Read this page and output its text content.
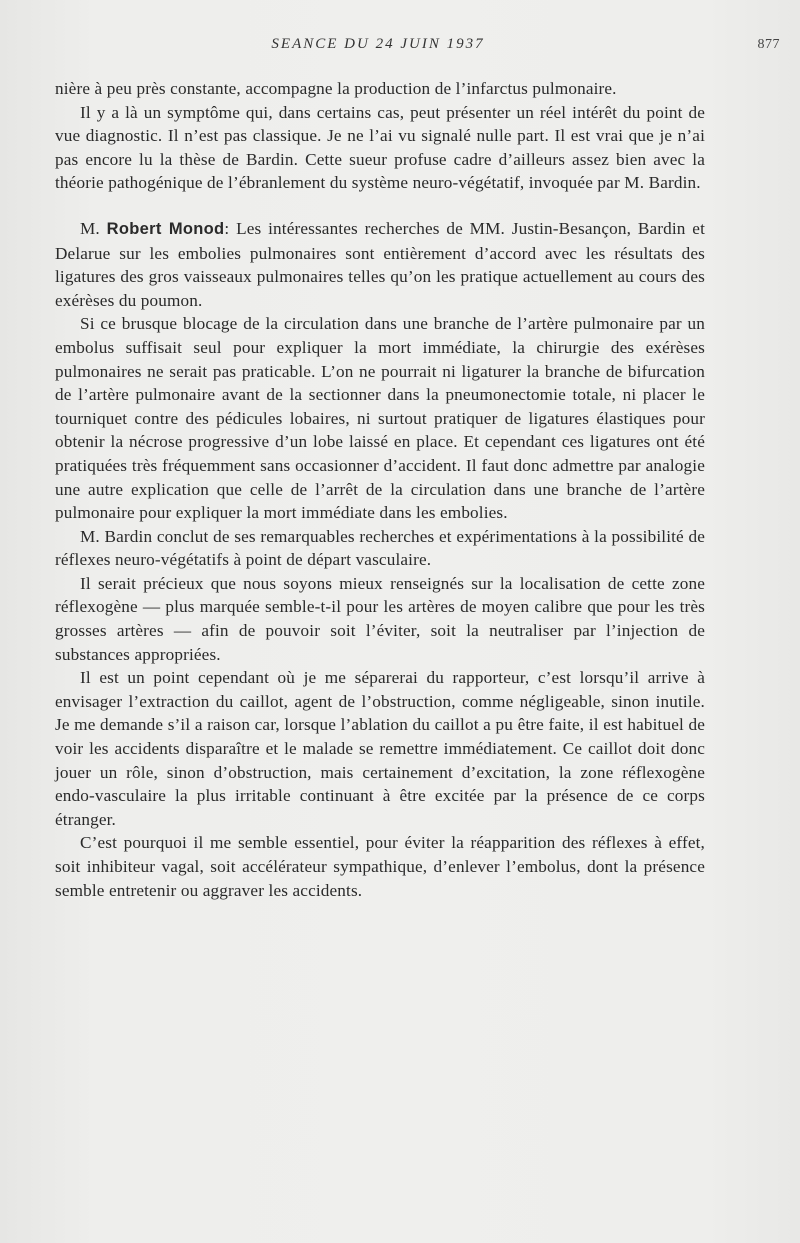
SEANCE DU 24 JUIN 1937	877

nière à peu près constante, accompagne la production de l’infarctus pulmonaire.

Il y a là un symptôme qui, dans certains cas, peut présenter un réel intérêt du point de vue diagnostic. Il n’est pas classique. Je ne l’ai vu signalé nulle part. Il est vrai que je n’ai pas encore lu la thèse de Bardin. Cette sueur profuse cadre d’ailleurs assez bien avec la théorie pathogénique de l’ébranlement du système neuro-végétatif, invoquée par M. Bardin.

M. Robert Monod: Les intéressantes recherches de MM. Justin-Besançon, Bardin et Delarue sur les embolies pulmonaires sont entièrement d’accord avec les résultats des ligatures des gros vaisseaux pulmonaires telles qu’on les pratique actuellement au cours des exérèses du poumon.

Si ce brusque blocage de la circulation dans une branche de l’artère pulmonaire par un embolus suffisait seul pour expliquer la mort immédiate, la chirurgie des exérèses pulmonaires ne serait pas praticable. L’on ne pourrait ni ligaturer la branche de bifurcation de l’artère pulmonaire avant de la sectionner dans la pneumonectomie totale, ni placer le tourniquet contre des pédicules lobaires, ni surtout pratiquer de ligatures élastiques pour obtenir la nécrose progressive d’un lobe laissé en place. Et cependant ces ligatures ont été pratiquées très fréquemment sans occasionner d’accident. Il faut donc admettre par analogie une autre explication que celle de l’arrêt de la circulation dans une branche de l’artère pulmonaire pour expliquer la mort immédiate dans les embolies.

M. Bardin conclut de ses remarquables recherches et expérimentations à la possibilité de réflexes neuro-végétatifs à point de départ vasculaire.

Il serait précieux que nous soyons mieux renseignés sur la localisation de cette zone réflexogène — plus marquée semble-t-il pour les artères de moyen calibre que pour les très grosses artères — afin de pouvoir soit l’éviter, soit la neutraliser par l’injection de substances appropriées.

Il est un point cependant où je me séparerai du rapporteur, c’est lorsqu’il arrive à envisager l’extraction du caillot, agent de l’obstruction, comme négligeable, sinon inutile. Je me demande s’il a raison car, lorsque l’ablation du caillot a pu être faite, il est habituel de voir les accidents disparaître et le malade se remettre immédiatement. Ce caillot doit donc jouer un rôle, sinon d’obstruction, mais certainement d’excitation, la zone réflexogène endo-vasculaire la plus irritable continuant à être excitée par la présence de ce corps étranger.

C’est pourquoi il me semble essentiel, pour éviter la réapparition des réflexes à effet, soit inhibiteur vagal, soit accélérateur sympathique, d’enlever l’embolus, dont la présence semble entretenir ou aggraver les accidents.
